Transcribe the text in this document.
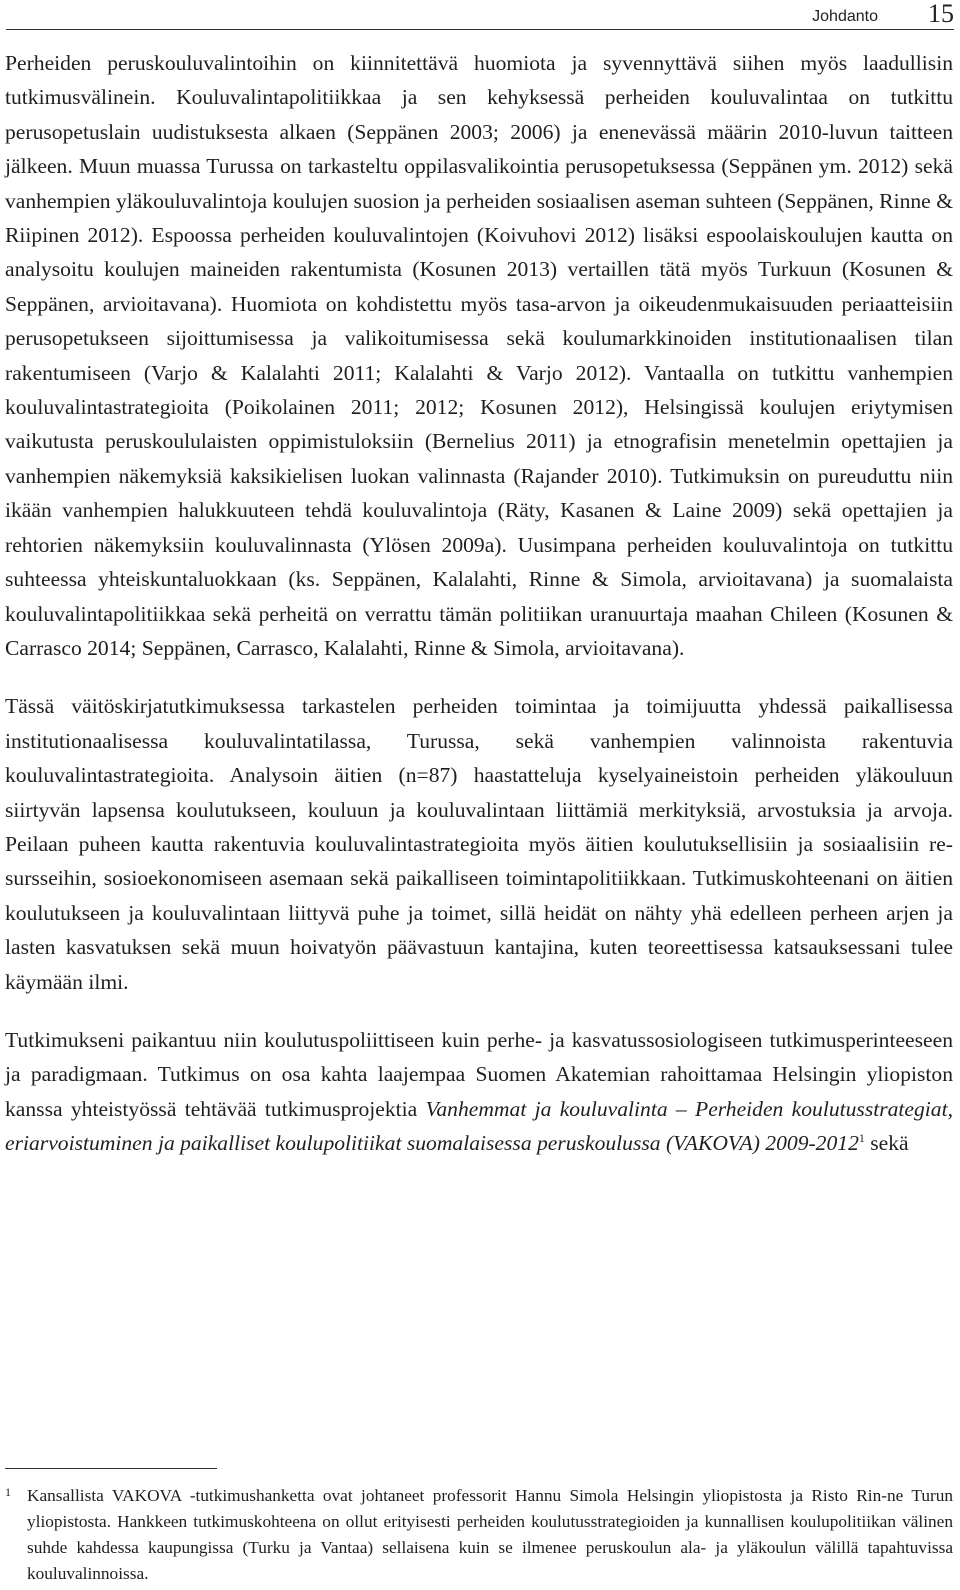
Johdanto 15

Perheiden peruskouluvalintoihin on kiinnitettävä huomiota ja syvennyttävä siihen myös laadullisin tutkimusvälinein. Kouluvalintapolitiikkaa ja sen kehyksessä perheiden kouluvalintaa on tutkittu perusopetuslain uudistuksesta alkaen (Seppänen 2003; 2006) ja enenevässä määrin 2010-luvun taitteen jälkeen. Muun muassa Turussa on tarkasteltu oppilasvalikointia perusopetuksessa (Seppänen ym. 2012) sekä vanhempien yläkouluvalintoja koulujen suosion ja perheiden sosiaalisen aseman suhteen (Seppänen, Rinne & Riipinen 2012). Espoossa perheiden kouluvalintojen (Koivuhovi 2012) lisäksi espoolaiskoulujen kautta on analysoitu koulujen maineiden rakentumista (Kosunen 2013) vertaillen tätä myös Turkuun (Kosunen & Seppänen, arvioitavana). Huomiota on kohdistettu myös tasa-arvon ja oikeudenmukaisuuden periaatteisiin perusopetukseen sijoittumisessa ja valikoitumisessa sekä koulumarkkinoiden institutionaalisen tilan rakentumiseen (Varjo & Kalalahti 2011; Kalalahti & Varjo 2012). Vantaalla on tutkittu vanhempien kouluvalintastrategioita (Poikolainen 2011; 2012; Kosunen 2012), Helsingissä koulujen eriytymisen vaikutusta peruskoululaisten oppimistuloksiin (Bernelius 2011) ja etnografisin menetelmin opettajien ja vanhempien näkemyksiä kaksikielisen luokan valinnasta (Rajander 2010). Tutkimuksin on pureuduttu niin ikään vanhempien halukkuuteen tehdä kouluvalintoja (Räty, Kasanen & Laine 2009) sekä opettajien ja rehtorien näkemyksiin kouluvalinnasta (Ylösen 2009a). Uusimpana perheiden kouluvalintoja on tutkittu suhteessa yhteiskuntaluokkaan (ks. Seppänen, Kalalahti, Rinne & Simola, arvioitavana) ja suomalaista kouluvalintapolitiikkaa sekä perheitä on verrattu tämän politiikan uranuurtaja maahan Chileen (Kosunen & Carrasco 2014; Seppänen, Carrasco, Kalalahti, Rinne & Simola, arvioitavana).

Tässä väitöskirjatutkimuksessa tarkastelen perheiden toimintaa ja toimijuutta yhdessä paikallisessa institutionaalisessa kouluvalintatilassa, Turussa, sekä vanhempien valinnoista rakentuvia kouluvalintastrategioita. Analysoin äitien (n=87) haastatteluja kyselyaineistoin perheiden yläkouluun siirtyvän lapsensa koulutukseen, kouluun ja kouluvalintaan liittämiä merkityksiä, arvostuksia ja arvoja. Peilaan puheen kautta rakentuvia kouluvalintastrategioita myös äitien koulutuksellisiin ja sosiaalisiin resursseihin, sosioekonomiseen asemaan sekä paikalliseen toimintapolitiikkaan. Tutkimuskohteenani on äitien koulutukseen ja kouluvalintaan liittyvä puhe ja toimet, sillä heidät on nähty yhä edelleen perheen arjen ja lasten kasvatuksen sekä muun hoivatyön päävastuun kantajina, kuten teoreettisessa katsauksessani tulee käymään ilmi.

Tutkimukseni paikantuu niin koulutuspoliittiseen kuin perhe- ja kasvatussosiologiseen tutkimusperinteeseen ja paradigmaan. Tutkimus on osa kahta laajempaa Suomen Akatemian rahoittamaa Helsingin yliopiston kanssa yhteistyössä tehtävää tutkimusprojektia Vanhemmat ja kouluvalinta – Perheiden koulutusstrategiat, eriarvoistuminen ja paikalliset koulupolitiikat suomalaisessa peruskoulussa (VAKOVA) 2009-2012$^1$ sekä

1 Kansallista VAKOVA -tutkimushanketta ovat johtaneet professorit Hannu Simola Helsingin yliopistosta ja Risto Rin-ne Turun yliopistosta. Hankkeen tutkimuskohteena on ollut erityisesti perheiden koulutusstrategioiden ja kunnallisen koulupolitiikan välinen suhde kahdessa kaupungissa (Turku ja Vantaa) sellaisena kuin se ilmenee peruskoulun ala- ja yläkoulun välillä tapahtuvissa kouluvalinnoissa.
